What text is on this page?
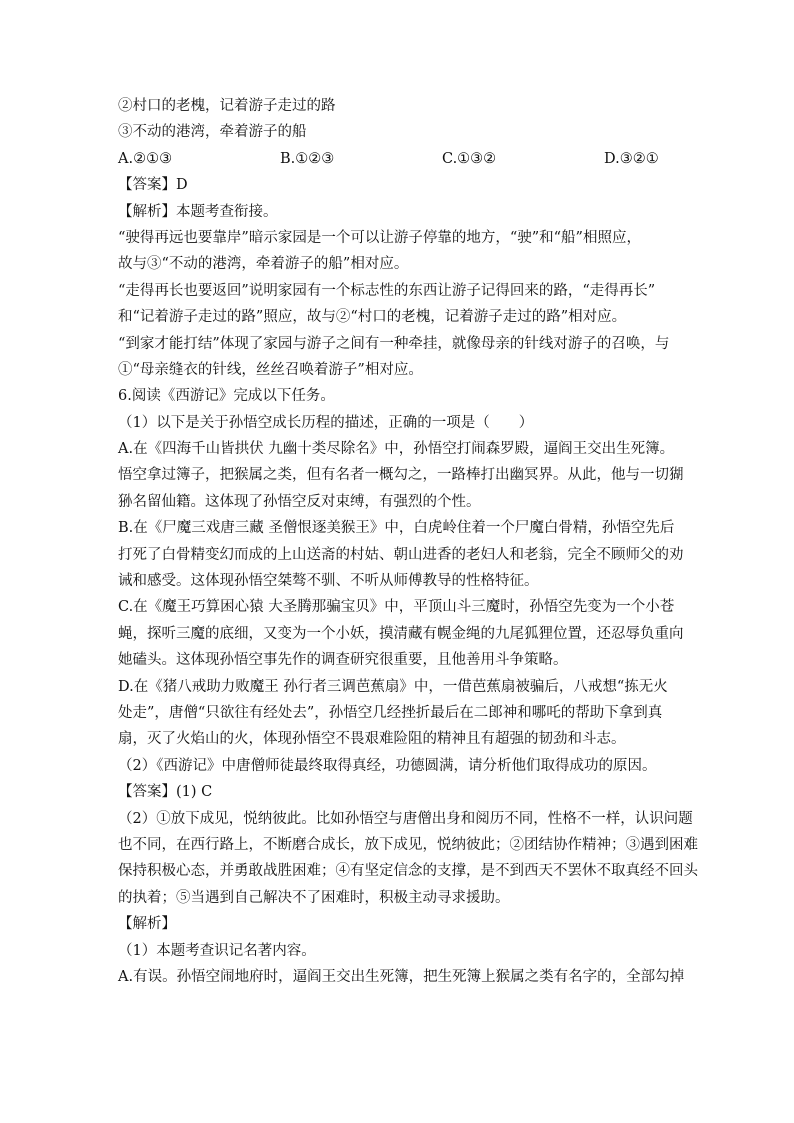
②村口的老槐，记着游子走过的路
③不动的港湾，牵着游子的船
A.②①③	B.①②③	C.①③②	D.③②①
【答案】D
【解析】本题考查衔接。
“驶得再远也要靠岸”暗示家园是一个可以让游子停靠的地方，“驶”和“船”相照应，
故与③“不动的港湾，牵着游子的船”相对应。
“走得再长也要返回”说明家园有一个标志性的东西让游子记得回来的路，“走得再长”
和“记着游子走过的路”照应，故与②“村口的老槐，记着游子走过的路”相对应。
“到家才能打结”体现了家园与游子之间有一种牵挂，就像母亲的针线对游子的召唤，与
①“母亲缝衣的针线，丝丝召唤着游子”相对应。
6.阅读《西游记》完成以下任务。
（1）以下是关于孙悟空成长历程的描述，正确的一项是（　　）
A.在《四海千山皆拱伏 九幽十类尽除名》中，孙悟空打闹森罗殿，逼阎王交出生死簿。
悟空拿过簿子，把猴属之类，但有名者一概勾之，一路棒打出幽冥界。从此，他与一切猢
狲名留仙籍。这体现了孙悟空反对束缚，有强烈的个性。
B.在《尸魔三戏唐三藏 圣僧恨逐美猴王》中，白虎岭住着一个尸魔白骨精，孙悟空先后
打死了白骨精变幻而成的上山送斋的村姑、朝山进香的老妇人和老翁，完全不顾师父的劝
诫和感受。这体现孙悟空桀骜不驯、不听从师傅教导的性格特征。
C.在《魔王巧算困心猿 大圣腾那骗宝贝》中，平顶山斗三魔时，孙悟空先变为一个小苍
蝇，探听三魔的底细，又变为一个小妖，摸清藏有幌金绳的九尾狐狸位置，还忍辱负重向
她磕头。这体现孙悟空事先作的调查研究很重要，且他善用斗争策略。
D.在《猪八戒助力败魔王 孙行者三调芭蕉扇》中，一借芭蕉扇被骗后，八戒想“拣无火
处走”，唐僧“只欲往有经处去”，孙悟空几经挫折最后在二郎神和哪吒的帮助下拿到真
扇，灭了火焰山的火，体现孙悟空不畏艰难险阻的精神且有超强的韧劲和斗志。
（2）《西游记》中唐僧师徒最终取得真经，功德圆满，请分析他们取得成功的原因。
【答案】(1) C
（2）①放下成见，悦纳彼此。比如孙悟空与唐僧出身和阅历不同，性格不一样，认识问题
也不同，在西行路上，不断磨合成长，放下成见，悦纳彼此；②团结协作精神；③遇到困难
保持积极心态，并勇敢战胜困难；④有坚定信念的支撑，是不到西天不罢休不取真经不回头
的执着；⑤当遇到自己解决不了困难时，积极主动寻求援助。
【解析】
（1）本题考查识记名著内容。
A.有误。孙悟空闹地府时，逼阎王交出生死簿，把生死簿上猴属之类有名字的，全部勾掉
